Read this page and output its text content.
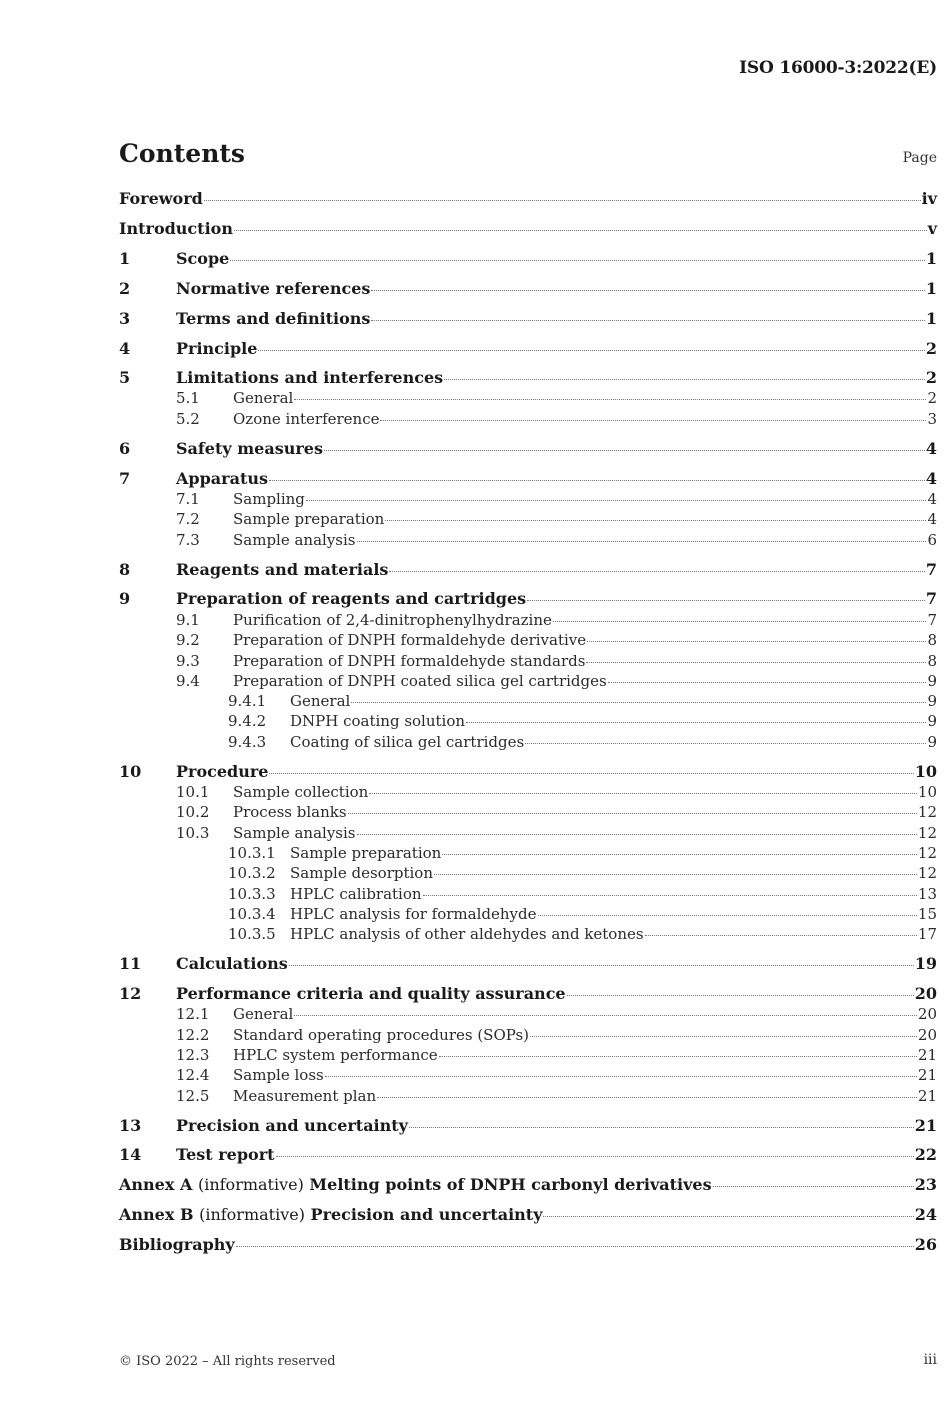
ISO 16000-3:2022(E)
Contents	Page
Foreword	iv
Introduction	v
1	Scope	1
2	Normative references	1
3	Terms and definitions	1
4	Principle	2
5	Limitations and interferences	2
5.1 General	2
5.2 Ozone interference	3
6	Safety measures	4
7	Apparatus	4
7.1 Sampling	4
7.2 Sample preparation	4
7.3 Sample analysis	6
8	Reagents and materials	7
9	Preparation of reagents and cartridges	7
9.1 Purification of 2,4-dinitrophenylhydrazine	7
9.2 Preparation of DNPH formaldehyde derivative	8
9.3 Preparation of DNPH formaldehyde standards	8
9.4 Preparation of DNPH coated silica gel cartridges	9
9.4.1 General	9
9.4.2 DNPH coating solution	9
9.4.3 Coating of silica gel cartridges	9
10 Procedure	10
10.1 Sample collection	10
10.2 Process blanks	12
10.3 Sample analysis	12
10.3.1 Sample preparation	12
10.3.2 Sample desorption	12
10.3.3 HPLC calibration	13
10.3.4 HPLC analysis for formaldehyde	15
10.3.5 HPLC analysis of other aldehydes and ketones	17
11 Calculations	19
12 Performance criteria and quality assurance	20
12.1 General	20
12.2 Standard operating procedures (SOPs)	20
12.3 HPLC system performance	21
12.4 Sample loss	21
12.5 Measurement plan	21
13 Precision and uncertainty	21
14 Test report	22
Annex A (informative) Melting points of DNPH carbonyl derivatives	23
Annex B (informative) Precision and uncertainty	24
Bibliography	26
© ISO 2022 – All rights reserved	iii
